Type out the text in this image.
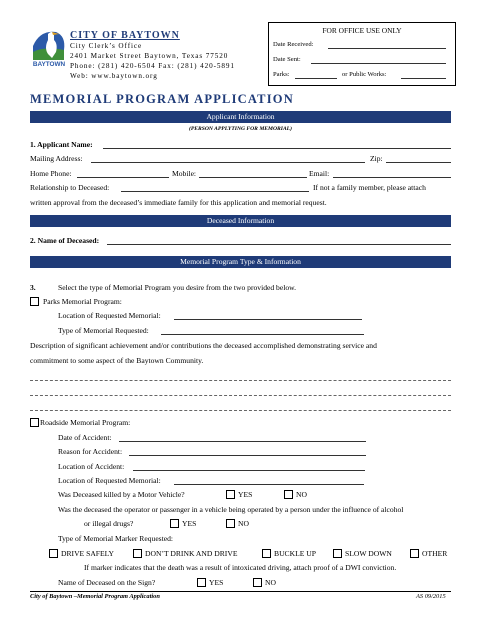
BAYTOWN
CITY OF BAYTOWN
City Clerk’s Office
2401 Market Street Baytown, Texas 77520
Phone: (281) 420-6504 Fax: (281) 420-5891
Web: www.baytown.org
FOR OFFICE USE ONLY
Date Received:
Date Sent:
Parks:	or Public Works:
MEMORIAL PROGRAM APPLICATION
Applicant Information
(PERSON APPLYTING FOR MEMORIAL)
1. Applicant Name:
Mailing Address:	Zip:
Home Phone:	Mobile:	Email:
Relationship to Deceased:	If not a family member, please attach
written approval from the deceased’s immediate family for this application and memorial request.
Deceased Information
2. Name of Deceased:
Memorial Program Type & Information
3.	Select the type of Memorial Program you desire from the two provided below.
Parks Memorial Program:
Location of Requested Memorial:
Type of Memorial Requested:
Description of significant achievement and/or contributions the deceased accomplished demonstrating service and
commitment to some aspect of the Baytown Community.
Roadside Memorial Program:
Date of Accident:
Reason for Accident:
Location of Accident:
Location of Requested Memorial:
Was Deceased killed by a Motor Vehicle?	YES	NO
Was the deceased the operator or passenger in a vehicle being operated by a person under the influence of alcohol
or illegal drugs?	YES	NO
Type of Memorial Marker Requested:
DRIVE SAFELY	DON’T DRINK AND DRIVE	BUCKLE UP	SLOW DOWN	OTHER
If marker indicates that the death was a result of intoxicated driving, attach proof of a DWI conviction.
Name of Deceased on the Sign?	YES	NO
City of Baytown –Memorial Program Application	AS 09/2015
